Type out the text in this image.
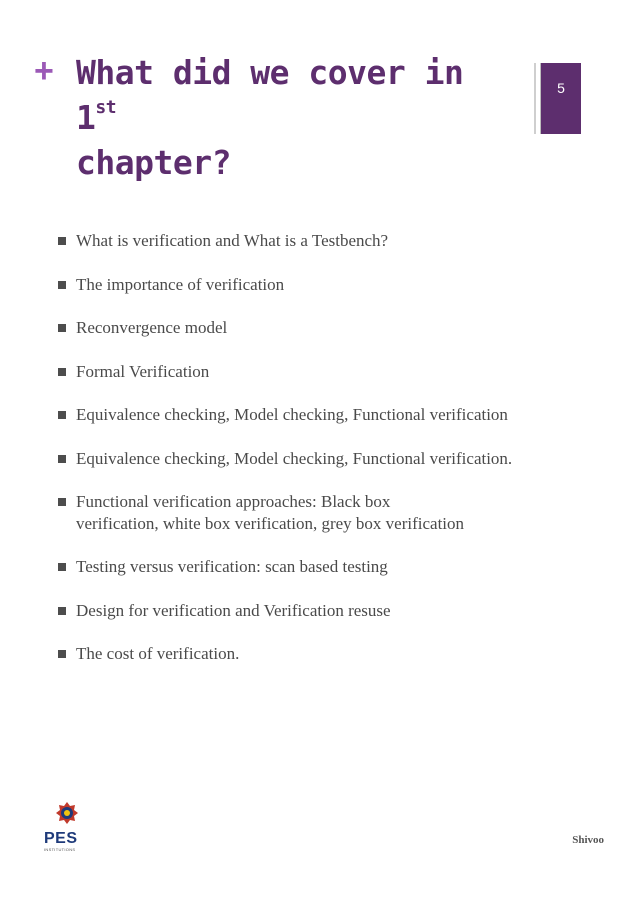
+ What did we cover in 1st
chapter?
5
What is verification and What is a Testbench?
The importance of verification
Reconvergence model
Formal Verification
Equivalence checking, Model checking, Functional verification
Equivalence checking, Model checking, Functional verification.
Functional verification approaches: Black box verification, white box verification, grey box verification
Testing versus verification: scan based testing
Design for verification and Verification resuse
The cost of verification.
PES
INSTITUTIONS
Shivoo
